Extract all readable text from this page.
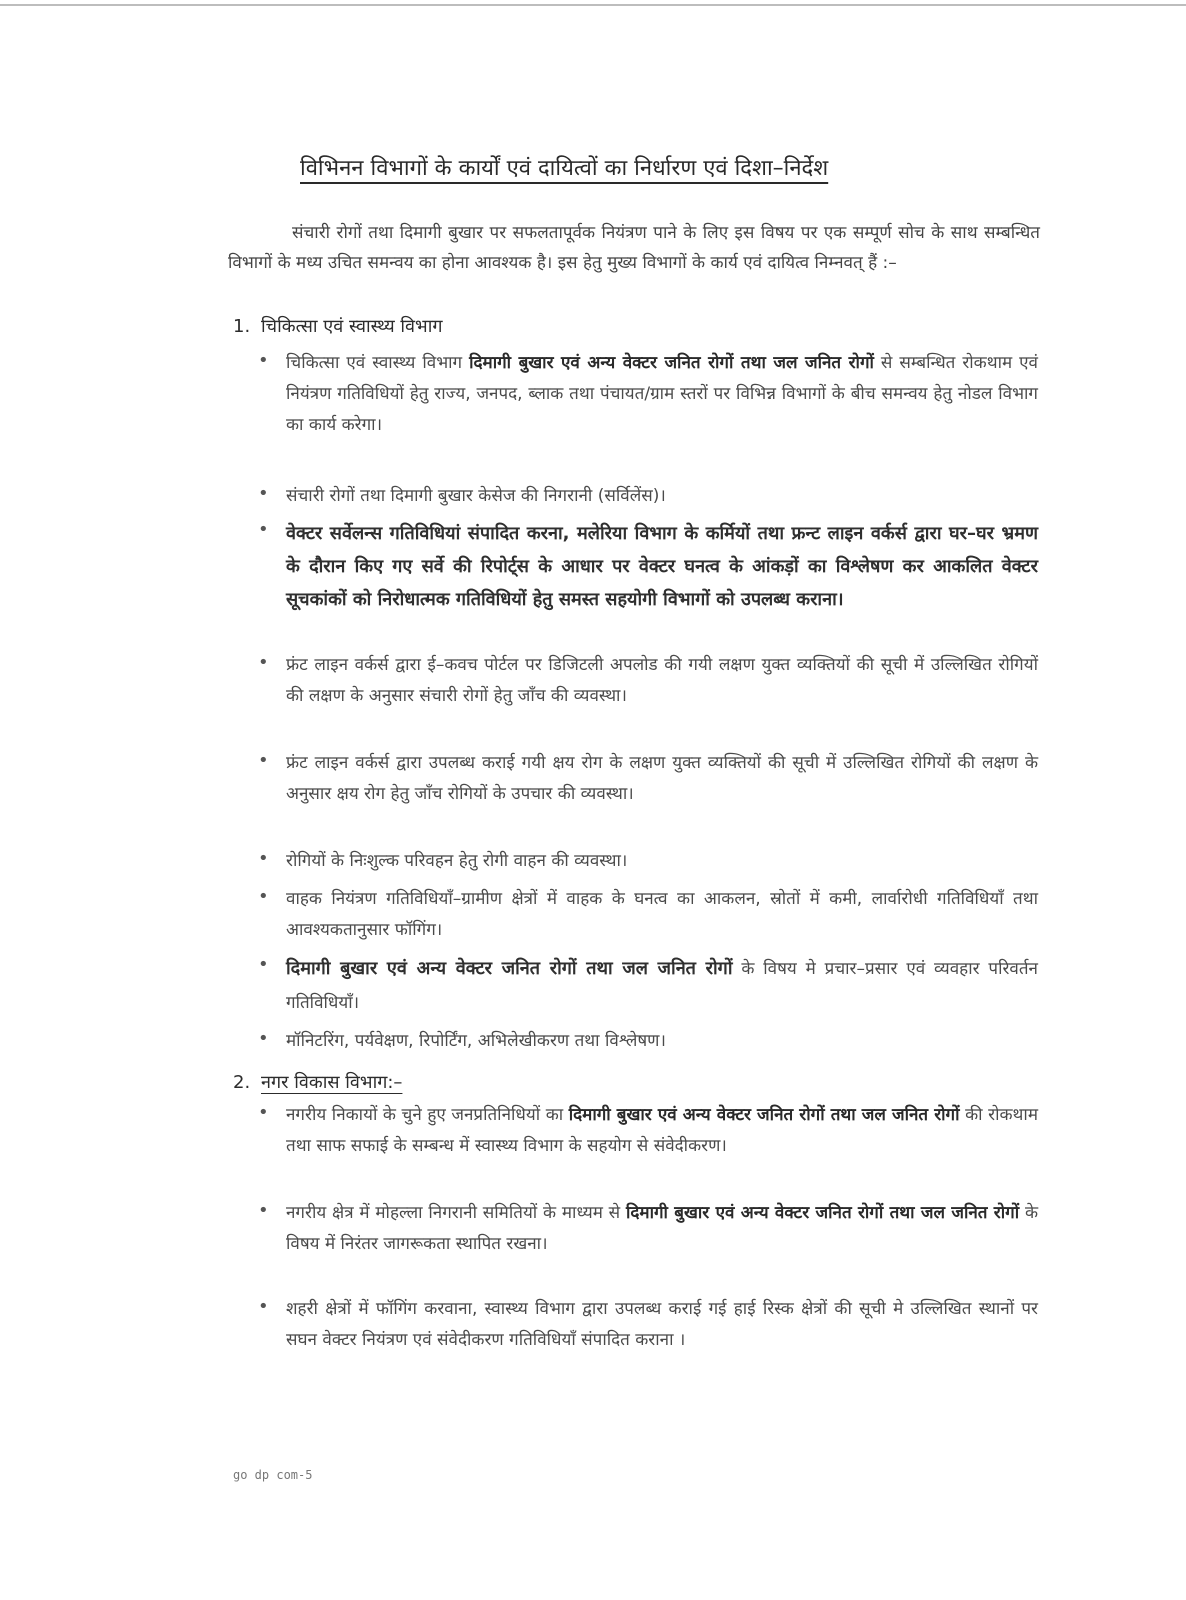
विभिनन विभागों के कार्यों एवं दायित्वों का निर्धारण एवं दिशा–निर्देश

संचारी रोगों तथा दिमागी बुखार पर सफलतापूर्वक नियंत्रण पाने के लिए इस विषय पर एक सम्पूर्ण सोच के साथ सम्बन्धित विभागों के मध्य उचित समन्वय का होना आवश्यक है। इस हेतु मुख्य विभागों के कार्य एवं दायित्व निम्नवत् हैं :–

1. चिकित्सा एवं स्वास्थ्य विभाग
• चिकित्सा एवं स्वास्थ्य विभाग दिमागी बुखार एवं अन्य वेक्टर जनित रोगों तथा जल जनित रोगों से सम्बन्धित रोकथाम एवं नियंत्रण गतिविधियों हेतु राज्य, जनपद, ब्लाक तथा पंचायत/ग्राम स्तरों पर विभिन्न विभागों के बीच समन्वय हेतु नोडल विभाग का कार्य करेगा।
• संचारी रोगों तथा दिमागी बुखार केसेज की निगरानी (सर्विलेंस)।
• वेक्टर सर्वेलन्स गतिविधियां संपादित करना, मलेरिया विभाग के कर्मियों तथा फ्रन्ट लाइन वर्कर्स द्वारा घर–घर भ्रमण के दौरान किए गए सर्वे की रिपोर्ट्स के आधार पर वेक्टर घनत्व के आंकड़ों का विश्लेषण कर आकलित वेक्टर सूचकांकों को निरोधात्मक गतिविधियों हेतु समस्त सहयोगी विभागों को उपलब्ध कराना।
• फ्रंट लाइन वर्कर्स द्वारा ई–कवच पोर्टल पर डिजिटली अपलोड की गयी लक्षण युक्त व्यक्तियों की सूची में उल्लिखित रोगियों की लक्षण के अनुसार संचारी रोगों हेतु जाँच की व्यवस्था।
• फ्रंट लाइन वर्कर्स द्वारा उपलब्ध कराई गयी क्षय रोग के लक्षण युक्त व्यक्तियों की सूची में उल्लिखित रोगियों की लक्षण के अनुसार क्षय रोग हेतु जाँच रोगियों के उपचार की व्यवस्था।
• रोगियों के निःशुल्क परिवहन हेतु रोगी वाहन की व्यवस्था।
• वाहक नियंत्रण गतिविधियाँ–ग्रामीण क्षेत्रों में वाहक के घनत्व का आकलन, स्रोतों में कमी, लार्वारोधी गतिविधियाँ तथा आवश्यकतानुसार फॉगिंग।
• दिमागी बुखार एवं अन्य वेक्टर जनित रोगों तथा जल जनित रोगों के विषय मे प्रचार–प्रसार एवं व्यवहार परिवर्तन गतिविधियाँ।
• मॉनिटरिंग, पर्यवेक्षण, रिपोर्टिंग, अभिलेखीकरण तथा विश्लेषण।
2. नगर विकास विभाग:–
• नगरीय निकायों के चुने हुए जनप्रतिनिधियों का दिमागी बुखार एवं अन्य वेक्टर जनित रोगों तथा जल जनित रोगों की रोकथाम तथा साफ सफाई के सम्बन्ध में स्वास्थ्य विभाग के सहयोग से संवेदीकरण।
• नगरीय क्षेत्र में मोहल्ला निगरानी समितियों के माध्यम से दिमागी बुखार एवं अन्य वेक्टर जनित रोगों तथा जल जनित रोगों के विषय में निरंतर जागरूकता स्थापित रखना।
• शहरी क्षेत्रों में फॉगिंग करवाना, स्वास्थ्य विभाग द्वारा उपलब्ध कराई गई हाई रिस्क क्षेत्रों की सूची मे उल्लिखित स्थानों पर सघन वेक्टर नियंत्रण एवं संवेदीकरण गतिविधियाँ संपादित कराना ।
go dp com-5
